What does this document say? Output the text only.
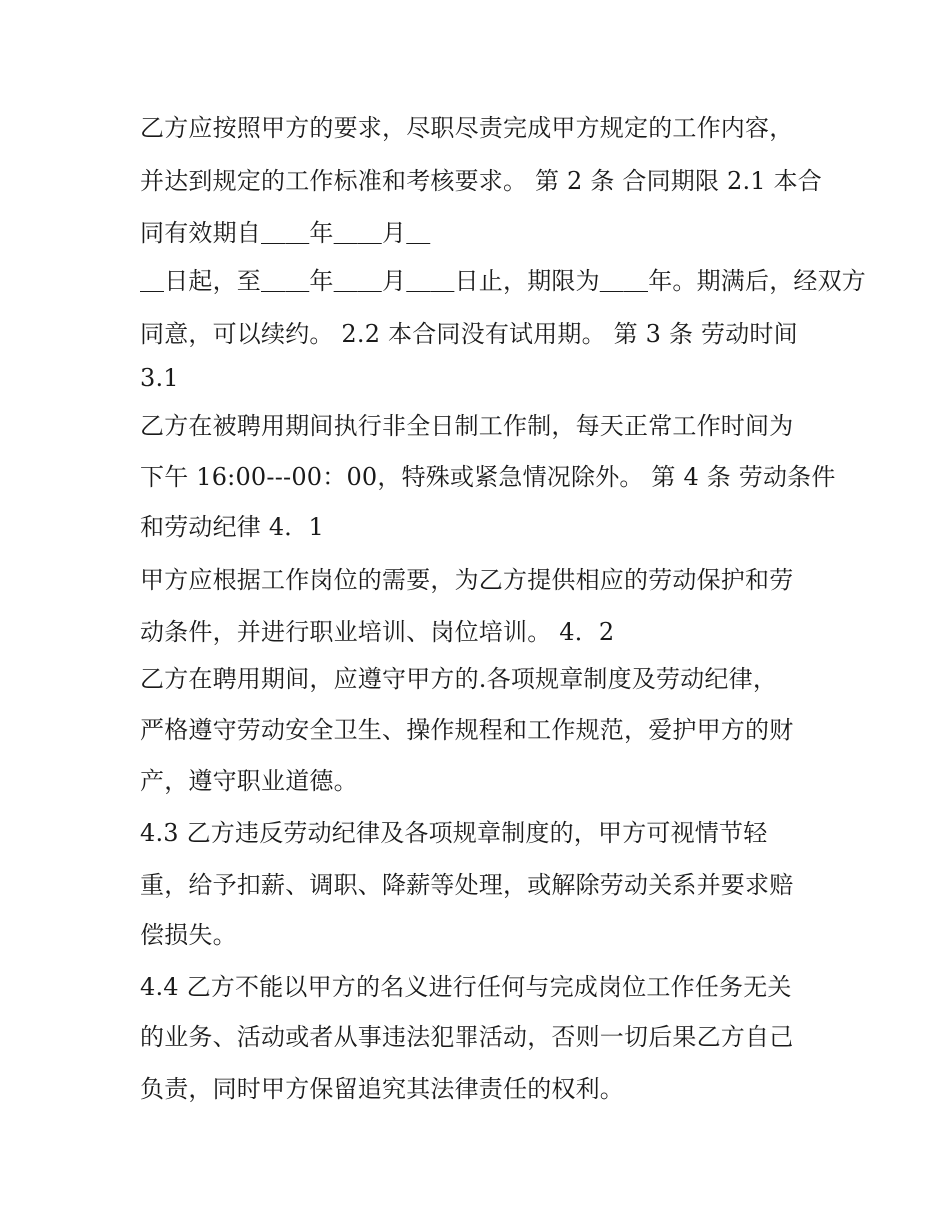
乙方应按照甲方的要求，尽职尽责完成甲方规定的工作内容，

并达到规定的工作标准和考核要求。 第 2 条 合同期限 2.1 本合

同有效期自＿＿年＿＿月＿

＿日起，至＿＿年＿＿月＿＿日止，期限为＿＿年。期满后，经双方

同意，可以续约。 2.2 本合同没有试用期。 第 3 条 劳动时间

3.1

乙方在被聘用期间执行非全日制工作制，每天正常工作时间为

下午 16:00---00：00，特殊或紧急情况除外。 第 4 条 劳动条件

和劳动纪律 4．1

甲方应根据工作岗位的需要，为乙方提供相应的劳动保护和劳

动条件，并进行职业培训、岗位培训。 4．2

乙方在聘用期间，应遵守甲方的.各项规章制度及劳动纪律，

严格遵守劳动安全卫生、操作规程和工作规范，爱护甲方的财

产，遵守职业道德。

4.3 乙方违反劳动纪律及各项规章制度的，甲方可视情节轻

重，给予扣薪、调职、降薪等处理，或解除劳动关系并要求赔

偿损失。

4.4 乙方不能以甲方的名义进行任何与完成岗位工作任务无关

的业务、活动或者从事违法犯罪活动，否则一切后果乙方自己

负责，同时甲方保留追究其法律责任的权利。
